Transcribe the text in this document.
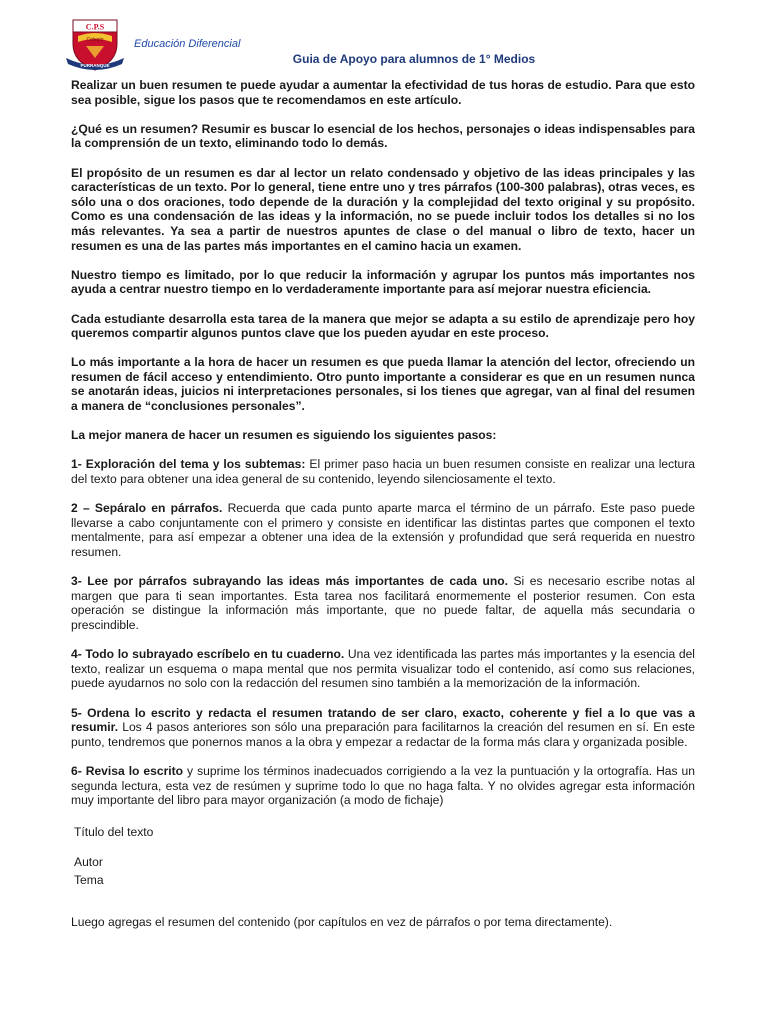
C.P.S
Colegio
PURRANQUE
Educación Diferencial
Guia de Apoyo para alumnos de 1° Medios

Realizar un buen resumen te puede ayudar a aumentar la efectividad de tus horas de estudio. Para que esto sea posible, sigue los pasos que te recomendamos en este artículo.

¿Qué es un resumen? Resumir es buscar lo esencial de los hechos, personajes o ideas indispensables para la comprensión de un texto, eliminando todo lo demás.

El propósito de un resumen es dar al lector un relato condensado y objetivo de las ideas principales y las características de un texto. Por lo general, tiene entre uno y tres párrafos (100-300 palabras), otras veces, es sólo una o dos oraciones, todo depende de la duración y la complejidad del texto original y su propósito. Como es una condensación de las ideas y la información, no se puede incluir todos los detalles si no los más relevantes. Ya sea a partir de nuestros apuntes de clase o del manual o libro de texto, hacer un resumen es una de las partes más importantes en el camino hacia un examen.

Nuestro tiempo es limitado, por lo que reducir la información y agrupar los puntos más importantes nos ayuda a centrar nuestro tiempo en lo verdaderamente importante para así mejorar nuestra eficiencia.

Cada estudiante desarrolla esta tarea de la manera que mejor se adapta a su estilo de aprendizaje pero hoy queremos compartir algunos puntos clave que los pueden ayudar en este proceso.

Lo más importante a la hora de hacer un resumen es que pueda llamar la atención del lector, ofreciendo un resumen de fácil acceso y entendimiento. Otro punto importante a considerar es que en un resumen nunca se anotarán ideas, juicios ni interpretaciones personales, si los tienes que agregar, van al final del resumen a manera de “conclusiones personales”.

La mejor manera de hacer un resumen es siguiendo los siguientes pasos:

1- Exploración del tema y los subtemas: El primer paso hacia un buen resumen consiste en realizar una lectura del texto para obtener una idea general de su contenido, leyendo silenciosamente el texto.

2 – Sepáralo en párrafos. Recuerda que cada punto aparte marca el término de un párrafo. Este paso puede llevarse a cabo conjuntamente con el primero y consiste en identificar las distintas partes que componen el texto mentalmente, para así empezar a obtener una idea de la extensión y profundidad que será requerida en nuestro resumen.

3- Lee por párrafos subrayando las ideas más importantes de cada uno. Si es necesario escribe notas al margen que para ti sean importantes. Esta tarea nos facilitará enormemente el posterior resumen. Con esta operación se distingue la información más importante, que no puede faltar, de aquella más secundaria o prescindible.

4- Todo lo subrayado escríbelo en tu cuaderno. Una vez identificada las partes más importantes y la esencia del texto, realizar un esquema o mapa mental que nos permita visualizar todo el contenido, así como sus relaciones, puede ayudarnos no solo con la redacción del resumen sino también a la memorización de la información.

5- Ordena lo escrito y redacta el resumen tratando de ser claro, exacto, coherente y fiel a lo que vas a resumir. Los 4 pasos anteriores son sólo una preparación para facilitarnos la creación del resumen en sí. En este punto, tendremos que ponernos manos a la obra y empezar a redactar de la forma más clara y organizada posible.

6- Revisa lo escrito y suprime los términos inadecuados corrigiendo a la vez la puntuación y la ortografía. Has un segunda lectura, esta vez de resúmen y suprime todo lo que no haga falta. Y no olvides agregar esta información muy importante del libro para mayor organización (a modo de fichaje)

Título del texto
Autor
Tema
Luego agregas el resumen del contenido (por capítulos en vez de párrafos o por tema directamente).
